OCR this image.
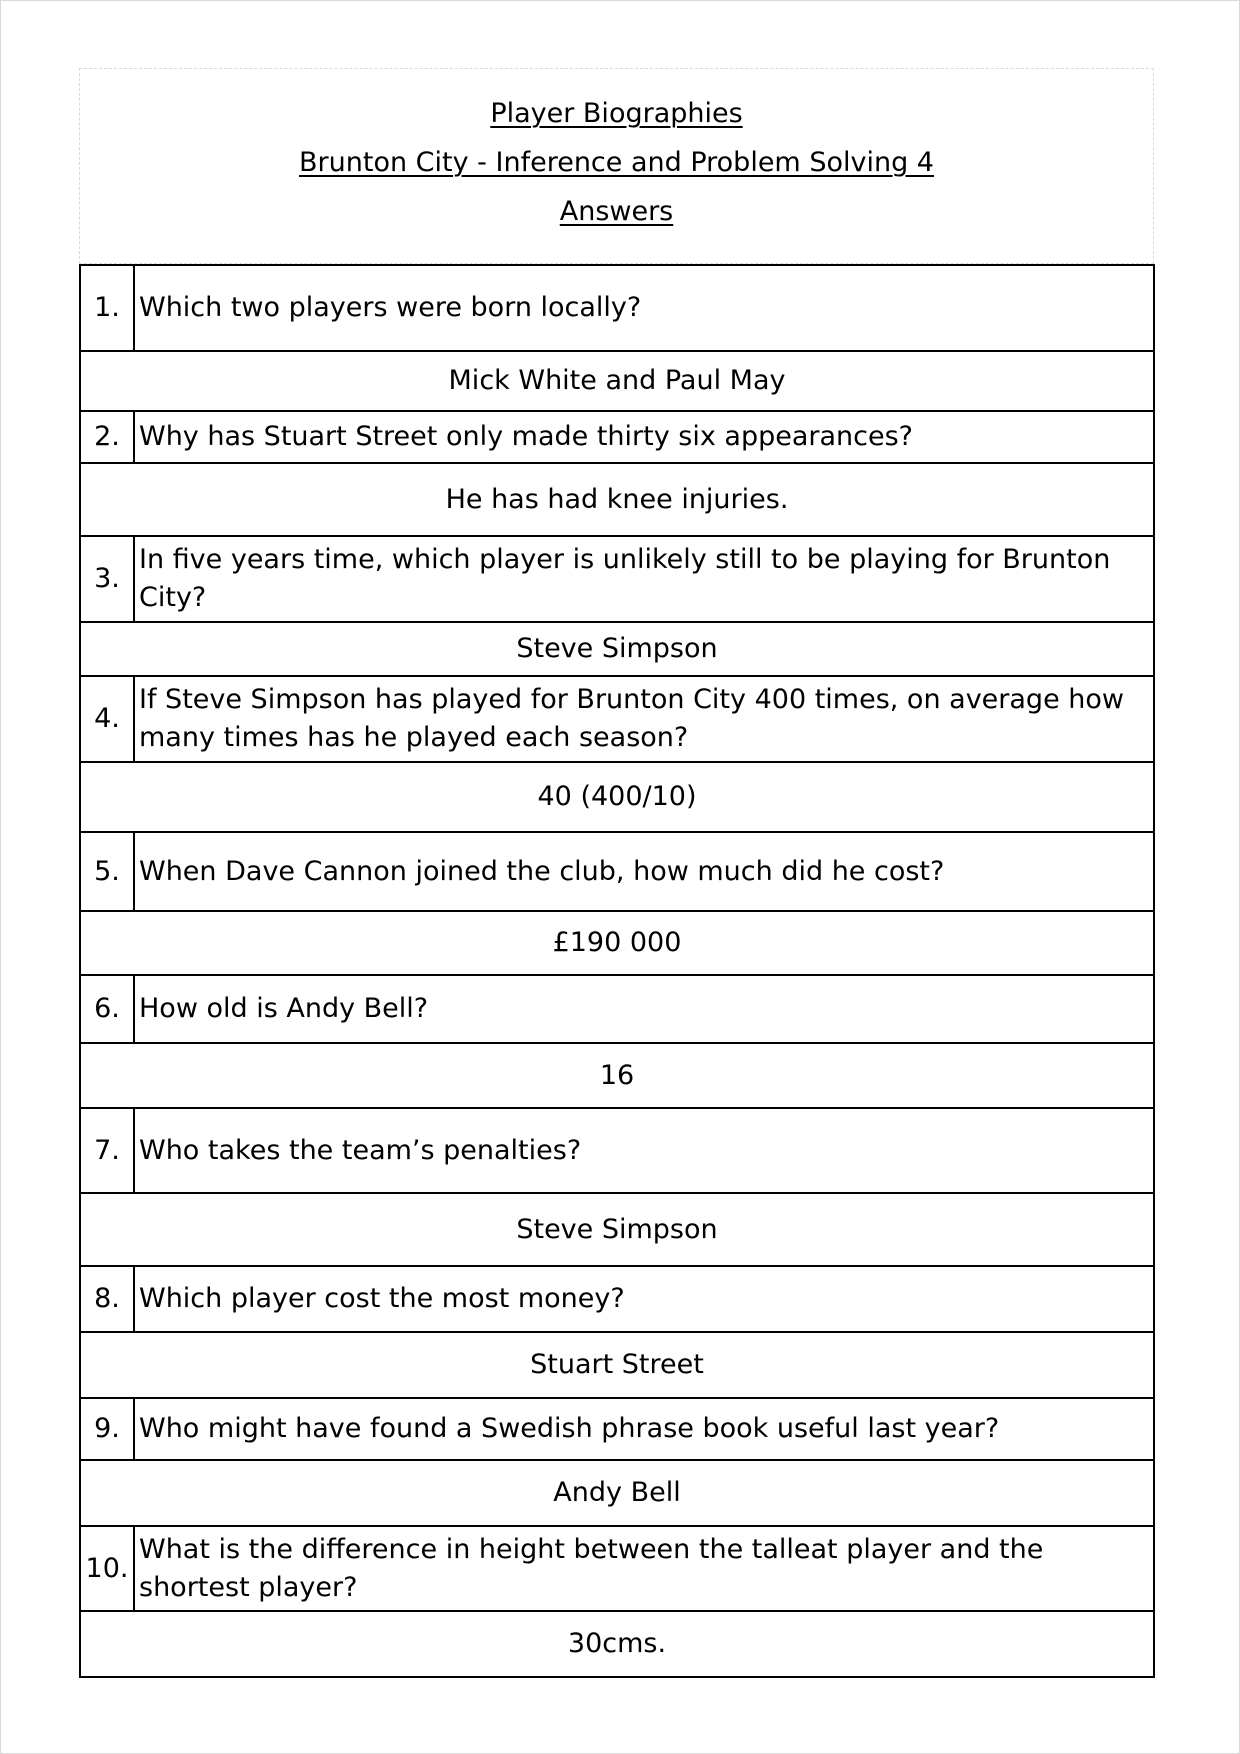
Player Biographies
Brunton City - Inference and Problem Solving 4
Answers
1.	Which two players were born locally?
Mick White and Paul May	
2.	Why has Stuart Street only made thirty six appearances?
He has had knee injuries.	
3.	In five years time, which player is unlikely still to be playing for Brunton City?
Steve Simpson	
4.	If Steve Simpson has played for Brunton City 400 times, on average how many times has he played each season?
40 (400/10)	
5.	When Dave Cannon joined the club, how much did he cost?
£190 000	
6.	How old is Andy Bell?
16	
7.	Who takes the team’s penalties?
Steve Simpson	
8.	Which player cost the most money?
Stuart Street	
9.	Who might have found a Swedish phrase book useful last year?
Andy Bell	
10.	What is the difference in height between the talleat player and the shortest player?
30cms.	
